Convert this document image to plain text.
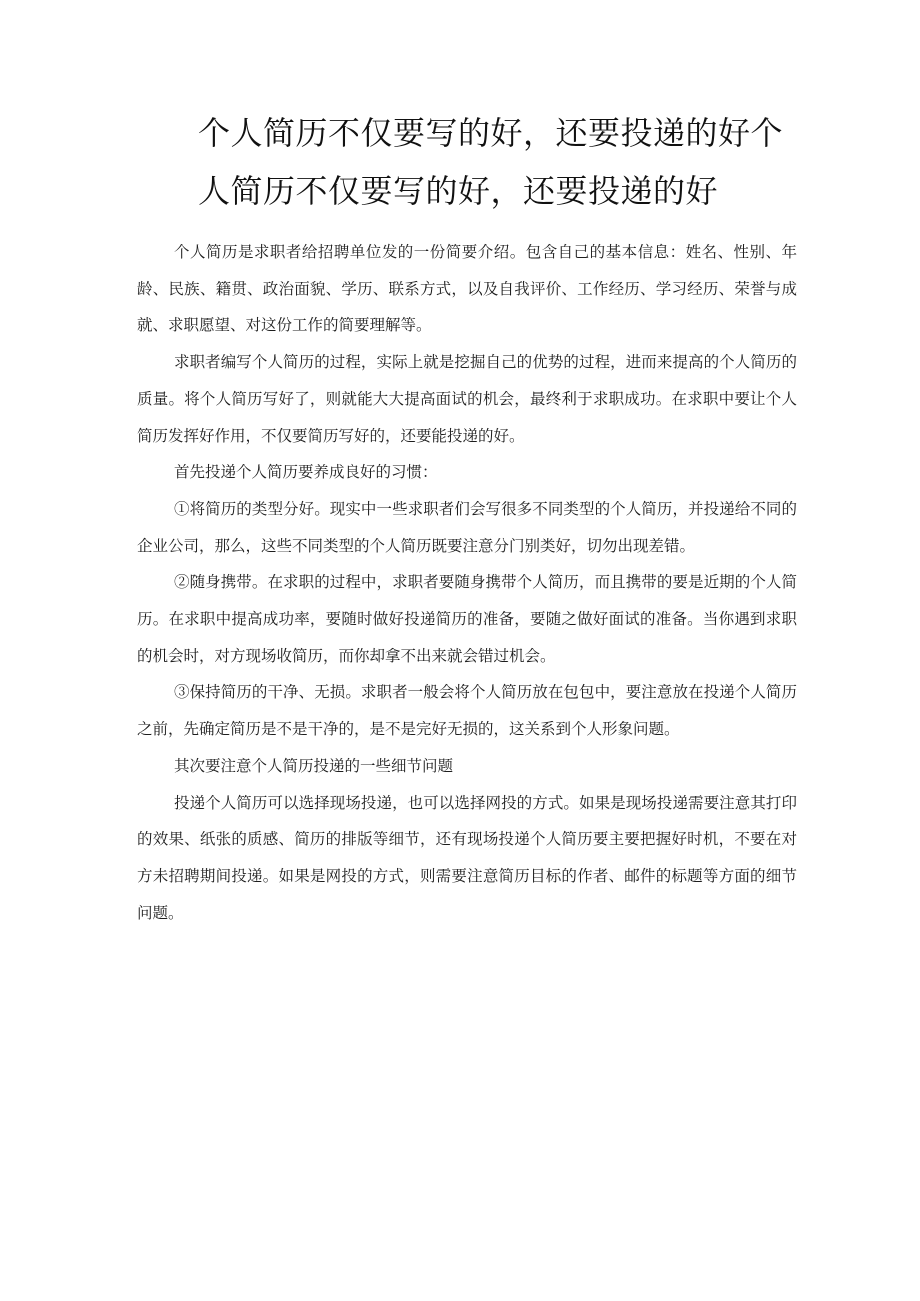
个人简历不仅要写的好，还要投递的好个人简历不仅要写的好，还要投递的好

个人简历是求职者给招聘单位发的一份简要介绍。包含自己的基本信息：姓名、性别、年龄、民族、籍贯、政治面貌、学历、联系方式，以及自我评价、工作经历、学习经历、荣誉与成就、求职愿望、对这份工作的简要理解等。

求职者编写个人简历的过程，实际上就是挖掘自己的优势的过程，进而来提高的个人简历的质量。将个人简历写好了，则就能大大提高面试的机会，最终利于求职成功。在求职中要让个人简历发挥好作用，不仅要简历写好的，还要能投递的好。

首先投递个人简历要养成良好的习惯：

①将简历的类型分好。现实中一些求职者们会写很多不同类型的个人简历，并投递给不同的企业公司，那么，这些不同类型的个人简历既要注意分门别类好，切勿出现差错。

②随身携带。在求职的过程中，求职者要随身携带个人简历，而且携带的要是近期的个人简历。在求职中提高成功率，要随时做好投递简历的准备，要随之做好面试的准备。当你遇到求职的机会时，对方现场收简历，而你却拿不出来就会错过机会。

③保持简历的干净、无损。求职者一般会将个人简历放在包包中，要注意放在投递个人简历之前，先确定简历是不是干净的，是不是完好无损的，这关系到个人形象问题。

其次要注意个人简历投递的一些细节问题

投递个人简历可以选择现场投递，也可以选择网投的方式。如果是现场投递需要注意其打印的效果、纸张的质感、简历的排版等细节，还有现场投递个人简历要主要把握好时机，不要在对方未招聘期间投递。如果是网投的方式，则需要注意简历目标的作者、邮件的标题等方面的细节问题。
